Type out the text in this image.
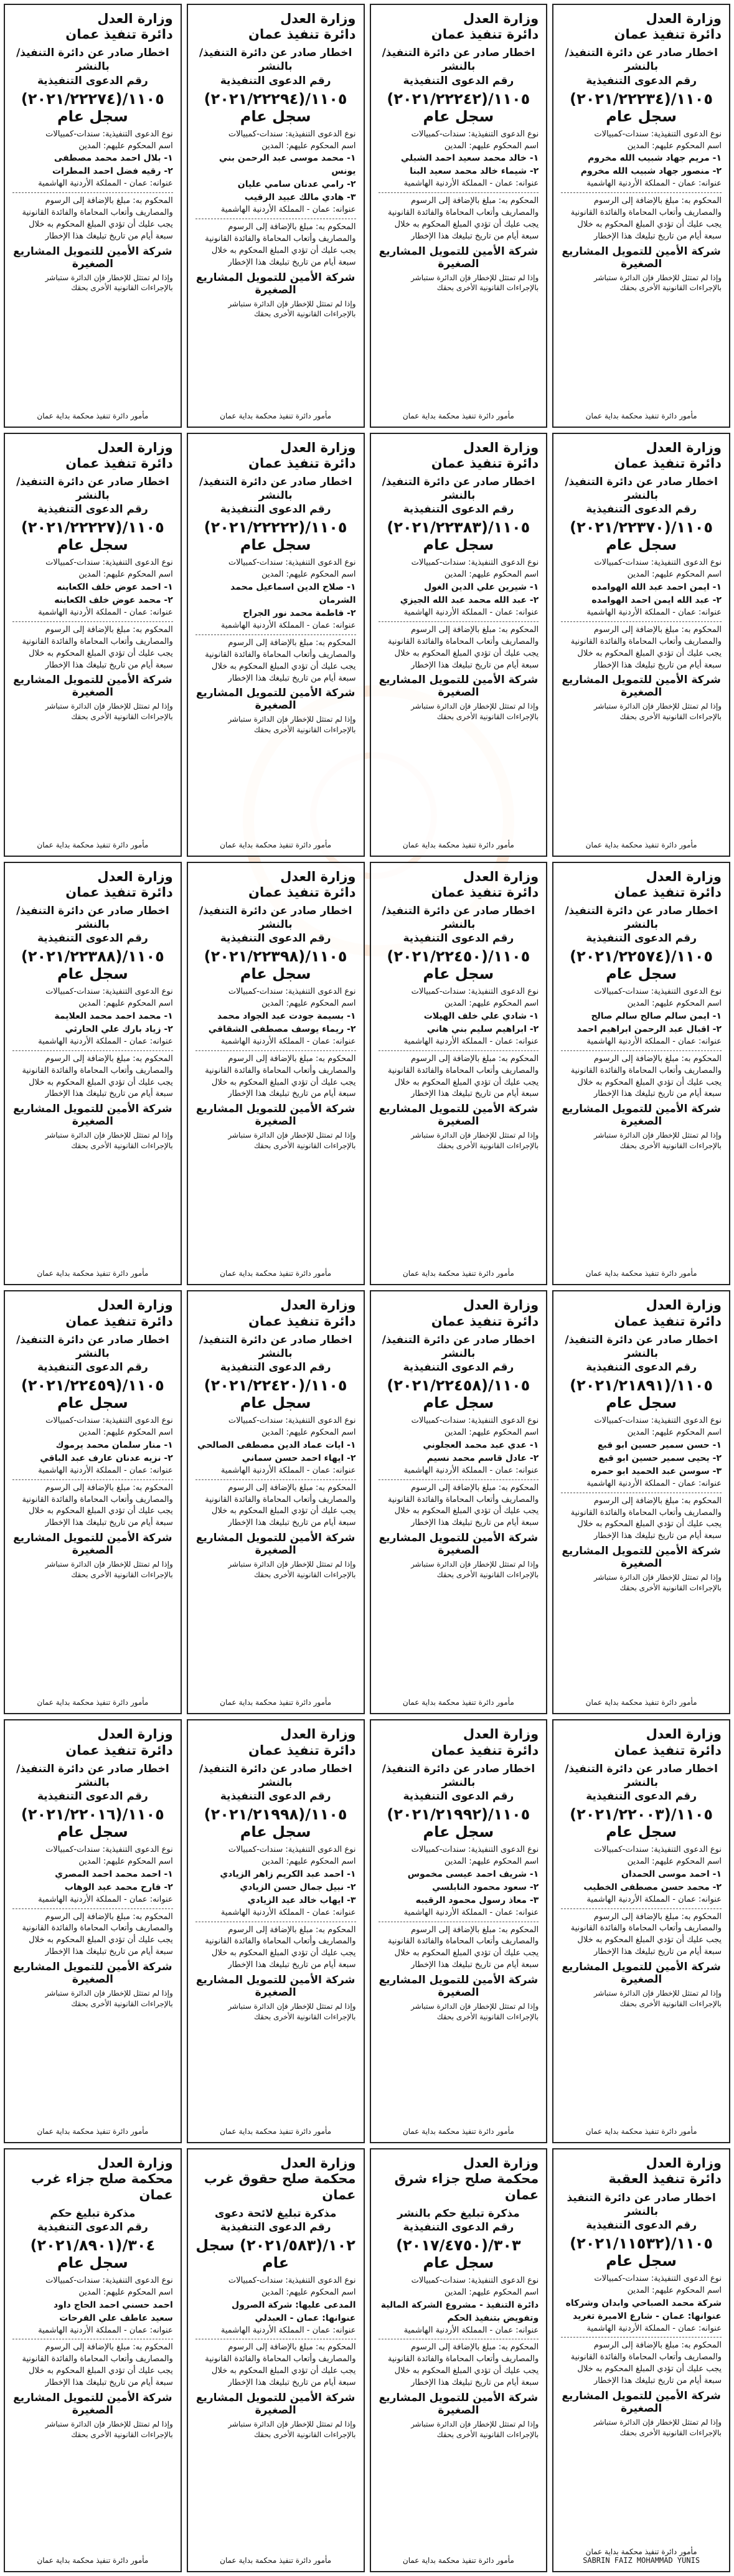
وزارة العدل
دائرة تنفيذ عمان
اخطار صادر عن دائرة التنفيذ/ بالنشر
رقم الدعوى التنفيذية
١١٠٥/(٢٠٢١/٢٢٢٧٤) سجل عام
نوع الدعوى التنفيذية: سندات-كمبيالات
اسم المحكوم عليهم: المدين
١- بلال احمد محمد مصطفى
٢- رقيه فضل احمد المطرات
عنوانه: عمان - المملكة الأردنية الهاشمية
المحكوم به: مبلغ بالإضافة إلى الرسوم والمصاريف وأتعاب المحاماة والفائدة القانونية
يجب عليك أن تؤدي المبلغ المحكوم به خلال سبعة أيام من تاريخ تبليغك هذا الإخطار
شركة الأمين للتمويل المشاريع الصغيرة
وإذا لم تمتثل للإخطار فإن الدائرة ستباشر بالإجراءات القانونية الأخرى بحقك
مأمور دائرة تنفيذ محكمة بداية عمان
وزارة العدل
دائرة تنفيذ عمان
اخطار صادر عن دائرة التنفيذ/ بالنشر
رقم الدعوى التنفيذية
١١٠٥/(٢٠٢١/٢٢٢٩٤) سجل عام
نوع الدعوى التنفيذية: سندات-كمبيالات
اسم المحكوم عليهم: المدين
١- محمد موسى عبد الرحمن بني يونس
٢- رامي عدنان سامي عليان
٣- هادي مالك عبيد الرقيب
عنوانه: عمان - المملكة الأردنية الهاشمية
المحكوم به: مبلغ بالإضافة إلى الرسوم والمصاريف وأتعاب المحاماة والفائدة القانونية
يجب عليك أن تؤدي المبلغ المحكوم به خلال سبعة أيام من تاريخ تبليغك هذا الإخطار
شركة الأمين للتمويل المشاريع الصغيرة
وإذا لم تمتثل للإخطار فإن الدائرة ستباشر بالإجراءات القانونية الأخرى بحقك
مأمور دائرة تنفيذ محكمة بداية عمان
وزارة العدل
دائرة تنفيذ عمان
اخطار صادر عن دائرة التنفيذ/ بالنشر
رقم الدعوى التنفيذية
١١٠٥/(٢٠٢١/٢٢٢٤٢) سجل عام
نوع الدعوى التنفيذية: سندات-كمبيالات
اسم المحكوم عليهم: المدين
١- خالد محمد سعيد احمد الشبلي
٢- شيماء خالد محمد سعيد البنا
عنوانه: عمان - المملكة الأردنية الهاشمية
المحكوم به: مبلغ بالإضافة إلى الرسوم والمصاريف وأتعاب المحاماة والفائدة القانونية
يجب عليك أن تؤدي المبلغ المحكوم به خلال سبعة أيام من تاريخ تبليغك هذا الإخطار
شركة الأمين للتمويل المشاريع الصغيرة
وإذا لم تمتثل للإخطار فإن الدائرة ستباشر بالإجراءات القانونية الأخرى بحقك
مأمور دائرة تنفيذ محكمة بداية عمان
وزارة العدل
دائرة تنفيذ عمان
اخطار صادر عن دائرة التنفيذ/ بالنشر
رقم الدعوى التنفيذية
١١٠٥/(٢٠٢١/٢٢٢٣٤) سجل عام
نوع الدعوى التنفيذية: سندات-كمبيالات
اسم المحكوم عليهم: المدين
١- مريم جهاد شبيب الله مخروم
٢- منصور جهاد شبيب الله مخروم
عنوانه: عمان - المملكة الأردنية الهاشمية
المحكوم به: مبلغ بالإضافة إلى الرسوم والمصاريف وأتعاب المحاماة والفائدة القانونية
يجب عليك أن تؤدي المبلغ المحكوم به خلال سبعة أيام من تاريخ تبليغك هذا الإخطار
شركة الأمين للتمويل المشاريع الصغيرة
وإذا لم تمتثل للإخطار فإن الدائرة ستباشر بالإجراءات القانونية الأخرى بحقك
مأمور دائرة تنفيذ محكمة بداية عمان
وزارة العدل
دائرة تنفيذ عمان
اخطار صادر عن دائرة التنفيذ/ بالنشر
رقم الدعوى التنفيذية
١١٠٥/(٢٠٢١/٢٢٢٢٧) سجل عام
نوع الدعوى التنفيذية: سندات-كمبيالات
اسم المحكوم عليهم: المدين
١- احمد عوض خلف الكعابنه
٢- محمد عوض خلف الكعابنه
عنوانه: عمان - المملكة الأردنية الهاشمية
المحكوم به: مبلغ بالإضافة إلى الرسوم والمصاريف وأتعاب المحاماة والفائدة القانونية
يجب عليك أن تؤدي المبلغ المحكوم به خلال سبعة أيام من تاريخ تبليغك هذا الإخطار
شركة الأمين للتمويل المشاريع الصغيرة
وإذا لم تمتثل للإخطار فإن الدائرة ستباشر بالإجراءات القانونية الأخرى بحقك
مأمور دائرة تنفيذ محكمة بداية عمان
وزارة العدل
دائرة تنفيذ عمان
اخطار صادر عن دائرة التنفيذ/ بالنشر
رقم الدعوى التنفيذية
١١٠٥/(٢٠٢١/٢٢٢٢٢) سجل عام
نوع الدعوى التنفيذية: سندات-كمبيالات
اسم المحكوم عليهم: المدين
١- صلاح الدين اسماعيل محمد الشرمان
٢- فاطمة محمد نور الجراح
عنوانه: عمان - المملكة الأردنية الهاشمية
المحكوم به: مبلغ بالإضافة إلى الرسوم والمصاريف وأتعاب المحاماة والفائدة القانونية
يجب عليك أن تؤدي المبلغ المحكوم به خلال سبعة أيام من تاريخ تبليغك هذا الإخطار
شركة الأمين للتمويل المشاريع الصغيرة
وإذا لم تمتثل للإخطار فإن الدائرة ستباشر بالإجراءات القانونية الأخرى بحقك
مأمور دائرة تنفيذ محكمة بداية عمان
وزارة العدل
دائرة تنفيذ عمان
اخطار صادر عن دائرة التنفيذ/ بالنشر
رقم الدعوى التنفيذية
١١٠٥/(٢٠٢١/٢٢٣٨٣) سجل عام
نوع الدعوى التنفيذية: سندات-كمبيالات
اسم المحكوم عليهم: المدين
١- شيرين علي الدين الغول
٢- عبد الله محمد عبد الله الجيزي
عنوانه: عمان - المملكة الأردنية الهاشمية
المحكوم به: مبلغ بالإضافة إلى الرسوم والمصاريف وأتعاب المحاماة والفائدة القانونية
يجب عليك أن تؤدي المبلغ المحكوم به خلال سبعة أيام من تاريخ تبليغك هذا الإخطار
شركة الأمين للتمويل المشاريع الصغيرة
وإذا لم تمتثل للإخطار فإن الدائرة ستباشر بالإجراءات القانونية الأخرى بحقك
مأمور دائرة تنفيذ محكمة بداية عمان
وزارة العدل
دائرة تنفيذ عمان
اخطار صادر عن دائرة التنفيذ/ بالنشر
رقم الدعوى التنفيذية
١١٠٥/(٢٠٢١/٢٢٣٧٠) سجل عام
نوع الدعوى التنفيذية: سندات-كمبيالات
اسم المحكوم عليهم: المدين
١- ايمن احمد عبد الله الهوامده
٢- عبد الله ايمن احمد الهوامده
عنوانه: عمان - المملكة الأردنية الهاشمية
المحكوم به: مبلغ بالإضافة إلى الرسوم والمصاريف وأتعاب المحاماة والفائدة القانونية
يجب عليك أن تؤدي المبلغ المحكوم به خلال سبعة أيام من تاريخ تبليغك هذا الإخطار
شركة الأمين للتمويل المشاريع الصغيرة
وإذا لم تمتثل للإخطار فإن الدائرة ستباشر بالإجراءات القانونية الأخرى بحقك
مأمور دائرة تنفيذ محكمة بداية عمان
وزارة العدل
دائرة تنفيذ عمان
اخطار صادر عن دائرة التنفيذ/ بالنشر
رقم الدعوى التنفيذية
١١٠٥/(٢٠٢١/٢٢٣٨٨) سجل عام
نوع الدعوى التنفيذية: سندات-كمبيالات
اسم المحكوم عليهم: المدين
١- محمد احمد محمد العلايمة
٢- زياد بارك علي الحارثي
عنوانه: عمان - المملكة الأردنية الهاشمية
المحكوم به: مبلغ بالإضافة إلى الرسوم والمصاريف وأتعاب المحاماة والفائدة القانونية
يجب عليك أن تؤدي المبلغ المحكوم به خلال سبعة أيام من تاريخ تبليغك هذا الإخطار
شركة الأمين للتمويل المشاريع الصغيرة
وإذا لم تمتثل للإخطار فإن الدائرة ستباشر بالإجراءات القانونية الأخرى بحقك
مأمور دائرة تنفيذ محكمة بداية عمان
وزارة العدل
دائرة تنفيذ عمان
اخطار صادر عن دائرة التنفيذ/ بالنشر
رقم الدعوى التنفيذية
١١٠٥/(٢٠٢١/٢٢٣٩٨) سجل عام
نوع الدعوى التنفيذية: سندات-كمبيالات
اسم المحكوم عليهم: المدين
١- بسيمة جودت عبد الجواد محمد
٢- ريماء يوسف مصطفى الشقاقي
عنوانه: عمان - المملكة الأردنية الهاشمية
المحكوم به: مبلغ بالإضافة إلى الرسوم والمصاريف وأتعاب المحاماة والفائدة القانونية
يجب عليك أن تؤدي المبلغ المحكوم به خلال سبعة أيام من تاريخ تبليغك هذا الإخطار
شركة الأمين للتمويل المشاريع الصغيرة
وإذا لم تمتثل للإخطار فإن الدائرة ستباشر بالإجراءات القانونية الأخرى بحقك
مأمور دائرة تنفيذ محكمة بداية عمان
وزارة العدل
دائرة تنفيذ عمان
اخطار صادر عن دائرة التنفيذ/ بالنشر
رقم الدعوى التنفيذية
١١٠٥/(٢٠٢١/٢٢٤٥٠) سجل عام
نوع الدعوى التنفيذية: سندات-كمبيالات
اسم المحكوم عليهم: المدين
١- شادي علي خلف الهيلات
٢- ابراهيم سليم بني هاني
عنوانه: عمان - المملكة الأردنية الهاشمية
المحكوم به: مبلغ بالإضافة إلى الرسوم والمصاريف وأتعاب المحاماة والفائدة القانونية
يجب عليك أن تؤدي المبلغ المحكوم به خلال سبعة أيام من تاريخ تبليغك هذا الإخطار
شركة الأمين للتمويل المشاريع الصغيرة
وإذا لم تمتثل للإخطار فإن الدائرة ستباشر بالإجراءات القانونية الأخرى بحقك
مأمور دائرة تنفيذ محكمة بداية عمان
وزارة العدل
دائرة تنفيذ عمان
اخطار صادر عن دائرة التنفيذ/ بالنشر
رقم الدعوى التنفيذية
١١٠٥/(٢٠٢١/٢٢٥٧٤) سجل عام
نوع الدعوى التنفيذية: سندات-كمبيالات
اسم المحكوم عليهم: المدين
١- ايمن سالم صالح سالم صالح
٢- اقبال عبد الرحمن ابراهيم احمد
عنوانه: عمان - المملكة الأردنية الهاشمية
المحكوم به: مبلغ بالإضافة إلى الرسوم والمصاريف وأتعاب المحاماة والفائدة القانونية
يجب عليك أن تؤدي المبلغ المحكوم به خلال سبعة أيام من تاريخ تبليغك هذا الإخطار
شركة الأمين للتمويل المشاريع الصغيرة
وإذا لم تمتثل للإخطار فإن الدائرة ستباشر بالإجراءات القانونية الأخرى بحقك
مأمور دائرة تنفيذ محكمة بداية عمان
وزارة العدل
دائرة تنفيذ عمان
اخطار صادر عن دائرة التنفيذ/ بالنشر
رقم الدعوى التنفيذية
١١٠٥/(٢٠٢١/٢٢٤٥٩) سجل عام
نوع الدعوى التنفيذية: سندات-كمبيالات
اسم المحكوم عليهم: المدين
١- منار سلمان محمد يرموك
٢- نزيه عدنان عارف عبد الباقي
عنوانه: عمان - المملكة الأردنية الهاشمية
المحكوم به: مبلغ بالإضافة إلى الرسوم والمصاريف وأتعاب المحاماة والفائدة القانونية
يجب عليك أن تؤدي المبلغ المحكوم به خلال سبعة أيام من تاريخ تبليغك هذا الإخطار
شركة الأمين للتمويل المشاريع الصغيرة
وإذا لم تمتثل للإخطار فإن الدائرة ستباشر بالإجراءات القانونية الأخرى بحقك
مأمور دائرة تنفيذ محكمة بداية عمان
وزارة العدل
دائرة تنفيذ عمان
اخطار صادر عن دائرة التنفيذ/ بالنشر
رقم الدعوى التنفيذية
١١٠٥/(٢٠٢١/٢٢٤٢٠) سجل عام
نوع الدعوى التنفيذية: سندات-كمبيالات
اسم المحكوم عليهم: المدين
١- ايات عماد الدين مصطفى الصالحي
٢- ايهاء احمد حسن سماني
عنوانه: عمان - المملكة الأردنية الهاشمية
المحكوم به: مبلغ بالإضافة إلى الرسوم والمصاريف وأتعاب المحاماة والفائدة القانونية
يجب عليك أن تؤدي المبلغ المحكوم به خلال سبعة أيام من تاريخ تبليغك هذا الإخطار
شركة الأمين للتمويل المشاريع الصغيرة
وإذا لم تمتثل للإخطار فإن الدائرة ستباشر بالإجراءات القانونية الأخرى بحقك
مأمور دائرة تنفيذ محكمة بداية عمان
وزارة العدل
دائرة تنفيذ عمان
اخطار صادر عن دائرة التنفيذ/ بالنشر
رقم الدعوى التنفيذية
١١٠٥/(٢٠٢١/٢٢٤٥٨) سجل عام
نوع الدعوى التنفيذية: سندات-كمبيالات
اسم المحكوم عليهم: المدين
١- عدي عبد محمد العجلوني
٢- عادل قاسم محمد نسيم
عنوانه: عمان - المملكة الأردنية الهاشمية
المحكوم به: مبلغ بالإضافة إلى الرسوم والمصاريف وأتعاب المحاماة والفائدة القانونية
يجب عليك أن تؤدي المبلغ المحكوم به خلال سبعة أيام من تاريخ تبليغك هذا الإخطار
شركة الأمين للتمويل المشاريع الصغيرة
وإذا لم تمتثل للإخطار فإن الدائرة ستباشر بالإجراءات القانونية الأخرى بحقك
مأمور دائرة تنفيذ محكمة بداية عمان
وزارة العدل
دائرة تنفيذ عمان
اخطار صادر عن دائرة التنفيذ/ بالنشر
رقم الدعوى التنفيذية
١١٠٥/(٢٠٢١/٢١٨٩١) سجل عام
نوع الدعوى التنفيذية: سندات-كمبيالات
اسم المحكوم عليهم: المدين
١- حسن سمير حسين ابو قبع
٢- يحيى سمير حسين ابو قبع
٣- سوسن عبد الحميد ابو حمره
عنوانه: عمان - المملكة الأردنية الهاشمية
المحكوم به: مبلغ بالإضافة إلى الرسوم والمصاريف وأتعاب المحاماة والفائدة القانونية
يجب عليك أن تؤدي المبلغ المحكوم به خلال سبعة أيام من تاريخ تبليغك هذا الإخطار
شركة الأمين للتمويل المشاريع الصغيرة
وإذا لم تمتثل للإخطار فإن الدائرة ستباشر بالإجراءات القانونية الأخرى بحقك
مأمور دائرة تنفيذ محكمة بداية عمان
وزارة العدل
دائرة تنفيذ عمان
اخطار صادر عن دائرة التنفيذ/ بالنشر
رقم الدعوى التنفيذية
١١٠٥/(٢٠٢١/٢٢٠١٦) سجل عام
نوع الدعوى التنفيذية: سندات-كمبيالات
اسم المحكوم عليهم: المدين
١- احمد محمد احمد المصري
٢- فارح محمد عبد الوهاب
عنوانه: عمان - المملكة الأردنية الهاشمية
المحكوم به: مبلغ بالإضافة إلى الرسوم والمصاريف وأتعاب المحاماة والفائدة القانونية
يجب عليك أن تؤدي المبلغ المحكوم به خلال سبعة أيام من تاريخ تبليغك هذا الإخطار
شركة الأمين للتمويل المشاريع الصغيرة
وإذا لم تمتثل للإخطار فإن الدائرة ستباشر بالإجراءات القانونية الأخرى بحقك
مأمور دائرة تنفيذ محكمة بداية عمان
وزارة العدل
دائرة تنفيذ عمان
اخطار صادر عن دائرة التنفيذ/ بالنشر
رقم الدعوى التنفيذية
١١٠٥/(٢٠٢١/٢١٩٩٨) سجل عام
نوع الدعوى التنفيذية: سندات-كمبيالات
اسم المحكوم عليهم: المدين
١- احمد عبد الكريم زاهر الزيادي
٢- نبيل جمال حسن الزيادي
٣- ايهاب خالد عيد الزيادي
عنوانه: عمان - المملكة الأردنية الهاشمية
المحكوم به: مبلغ بالإضافة إلى الرسوم والمصاريف وأتعاب المحاماة والفائدة القانونية
يجب عليك أن تؤدي المبلغ المحكوم به خلال سبعة أيام من تاريخ تبليغك هذا الإخطار
شركة الأمين للتمويل المشاريع الصغيرة
وإذا لم تمتثل للإخطار فإن الدائرة ستباشر بالإجراءات القانونية الأخرى بحقك
مأمور دائرة تنفيذ محكمة بداية عمان
وزارة العدل
دائرة تنفيذ عمان
اخطار صادر عن دائرة التنفيذ/ بالنشر
رقم الدعوى التنفيذية
١١٠٥/(٢٠٢١/٢١٩٩٢) سجل عام
نوع الدعوى التنفيذية: سندات-كمبيالات
اسم المحكوم عليهم: المدين
١- شريف احمد عيسى مخموس
٢- سعود محمود النابلسي
٣- معاذ رسول محمود الرقيبه
عنوانه: عمان - المملكة الأردنية الهاشمية
المحكوم به: مبلغ بالإضافة إلى الرسوم والمصاريف وأتعاب المحاماة والفائدة القانونية
يجب عليك أن تؤدي المبلغ المحكوم به خلال سبعة أيام من تاريخ تبليغك هذا الإخطار
شركة الأمين للتمويل المشاريع الصغيرة
وإذا لم تمتثل للإخطار فإن الدائرة ستباشر بالإجراءات القانونية الأخرى بحقك
مأمور دائرة تنفيذ محكمة بداية عمان
وزارة العدل
دائرة تنفيذ عمان
اخطار صادر عن دائرة التنفيذ/ بالنشر
رقم الدعوى التنفيذية
١١٠٥/(٢٠٢١/٢٢٠٠٣) سجل عام
نوع الدعوى التنفيذية: سندات-كمبيالات
اسم المحكوم عليهم: المدين
١- احمد موسى الحمدان
٢- محمد حسن مصطفى الخطيب
عنوانه: عمان - المملكة الأردنية الهاشمية
المحكوم به: مبلغ بالإضافة إلى الرسوم والمصاريف وأتعاب المحاماة والفائدة القانونية
يجب عليك أن تؤدي المبلغ المحكوم به خلال سبعة أيام من تاريخ تبليغك هذا الإخطار
شركة الأمين للتمويل المشاريع الصغيرة
وإذا لم تمتثل للإخطار فإن الدائرة ستباشر بالإجراءات القانونية الأخرى بحقك
مأمور دائرة تنفيذ محكمة بداية عمان
وزارة العدل
محكمة صلح جزاء غرب عمان
مذكرة تبليغ حكم
رقم الدعوى التنفيذية
٣٠٤/(٢٠٢١/٨٩٠١) سجل عام
نوع الدعوى التنفيذية: سندات-كمبيالات
اسم المحكوم عليهم: المدين
احمد حسني احمد الحاج داود
سعيد عاطف علي الفرحات
عنوانه: عمان - المملكة الأردنية الهاشمية
المحكوم به: مبلغ بالإضافة إلى الرسوم والمصاريف وأتعاب المحاماة والفائدة القانونية
يجب عليك أن تؤدي المبلغ المحكوم به خلال سبعة أيام من تاريخ تبليغك هذا الإخطار
شركة الأمين للتمويل المشاريع الصغيرة
وإذا لم تمتثل للإخطار فإن الدائرة ستباشر بالإجراءات القانونية الأخرى بحقك
مأمور دائرة تنفيذ محكمة بداية عمان
وزارة العدل
محكمة صلح حقوق غرب عمان
مذكرة تبليغ لائحة دعوى
رقم الدعوى التنفيذية
١٠٢/(٢٠٢١/٥٨٣) سجل عام
نوع الدعوى التنفيذية: سندات-كمبيالات
اسم المحكوم عليهم: المدين
المدعى عليها: شركة الصرول
عنوانها: عمان - العبدلي
عنوانه: عمان - المملكة الأردنية الهاشمية
المحكوم به: مبلغ بالإضافة إلى الرسوم والمصاريف وأتعاب المحاماة والفائدة القانونية
يجب عليك أن تؤدي المبلغ المحكوم به خلال سبعة أيام من تاريخ تبليغك هذا الإخطار
شركة الأمين للتمويل المشاريع الصغيرة
وإذا لم تمتثل للإخطار فإن الدائرة ستباشر بالإجراءات القانونية الأخرى بحقك
مأمور دائرة تنفيذ محكمة بداية عمان
وزارة العدل
محكمة صلح جزاء شرق عمان
مذكرة تبليغ حكم بالنشر
رقم الدعوى التنفيذية
٣٠٣/(٢٠١٧/٤٧٥٠) سجل عام
نوع الدعوى التنفيذية: سندات-كمبيالات
اسم المحكوم عليهم: المدين
دائرة التنفيذ - مشروع الشركة المالية
وتفويض بتنفيذ الحكم
عنوانه: عمان - المملكة الأردنية الهاشمية
المحكوم به: مبلغ بالإضافة إلى الرسوم والمصاريف وأتعاب المحاماة والفائدة القانونية
يجب عليك أن تؤدي المبلغ المحكوم به خلال سبعة أيام من تاريخ تبليغك هذا الإخطار
شركة الأمين للتمويل المشاريع الصغيرة
وإذا لم تمتثل للإخطار فإن الدائرة ستباشر بالإجراءات القانونية الأخرى بحقك
مأمور دائرة تنفيذ محكمة بداية عمان
وزارة العدل
دائرة تنفيذ العقبة
اخطار صادر عن دائرة التنفيذ بالنشر
رقم الدعوى التنفيذية
١١٠٥/(٢٠٢١/١١٥٣٢) سجل عام
نوع الدعوى التنفيذية: سندات-كمبيالات
اسم المحكوم عليهم: المدين
شركة محمد الصباحي وابدان وشركاه
عنوانها: عمان - شارع الاميرة تغريد
عنوانه: عمان - المملكة الأردنية الهاشمية
المحكوم به: مبلغ بالإضافة إلى الرسوم والمصاريف وأتعاب المحاماة والفائدة القانونية
يجب عليك أن تؤدي المبلغ المحكوم به خلال سبعة أيام من تاريخ تبليغك هذا الإخطار
شركة الأمين للتمويل المشاريع الصغيرة
وإذا لم تمتثل للإخطار فإن الدائرة ستباشر بالإجراءات القانونية الأخرى بحقك
مأمور دائرة تنفيذ محكمة بداية عمان
SABRIN FAIZ MOHAMMAD YUNIS
